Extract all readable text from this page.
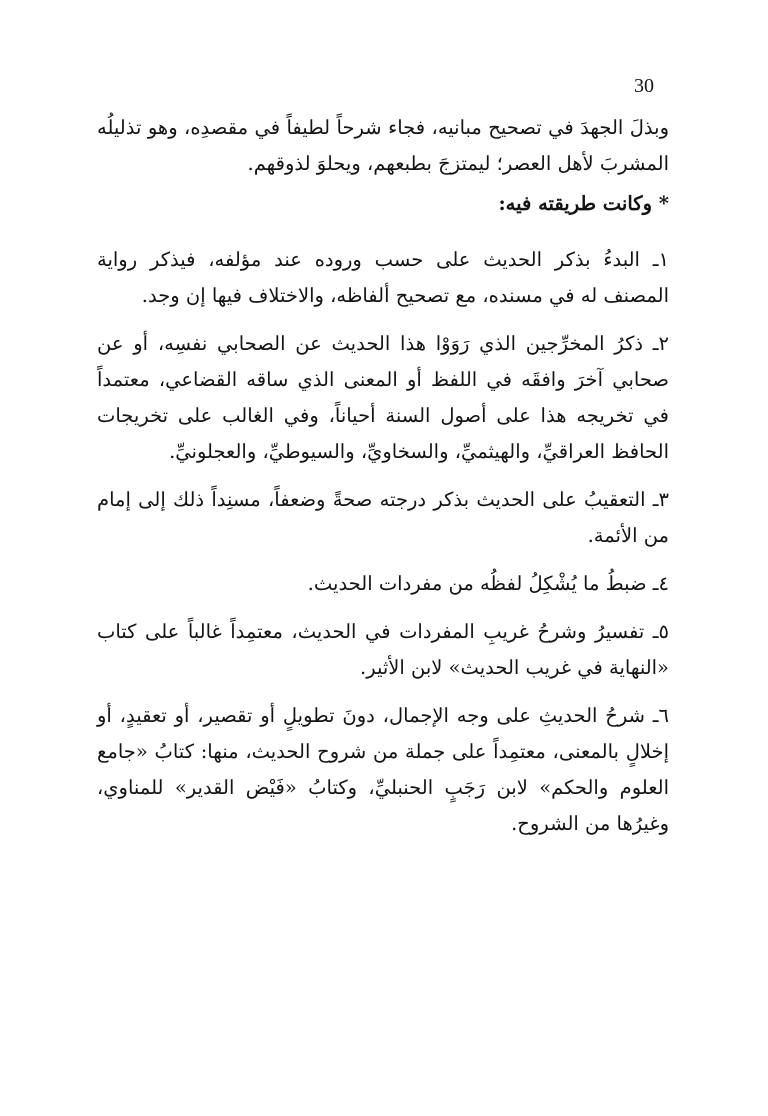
30

وبذلَ الجهدَ في تصحيح مبانيه، فجاء شرحاً لطيفاً في مقصدِه، وهو تذليلُه المشربَ لأهل العصر؛ ليمتزجَ بطبعهم، ويحلوَ لذوقهم.

* وكانت طريقته فيه:

١ـ البدءُ بذكر الحديث على حسب وروده عند مؤلفه، فيذكر رواية المصنف له في مسنده، مع تصحيح ألفاظه، والاختلاف فيها إن وجد.

٢ـ ذكرُ المخرِّجين الذي رَوَوْا هذا الحديث عن الصحابي نفسِه، أو عن صحابي آخرَ وافقَه في اللفظ أو المعنى الذي ساقه القضاعي، معتمداً في تخريجه هذا على أصول السنة أحياناً، وفي الغالب على تخريجات الحافظ العراقيِّ، والهيثميِّ، والسخاويِّ، والسيوطيِّ، والعجلونيِّ.

٣ـ التعقيبُ على الحديث بذكر درجته صحةً وضعفاً، مسنِداً ذلك إلى إمام من الأئمة.

٤ـ ضبطُ ما يُشْكِلُ لفظُه من مفردات الحديث.

٥ـ تفسيرُ وشرحُ غريبِ المفردات في الحديث، معتمِداً غالباً على كتاب «النهاية في غريب الحديث» لابن الأثير.

٦ـ شرحُ الحديثِ على وجه الإجمال، دونَ تطويلٍ أو تقصير، أو تعقيدٍ، أو إخلالٍ بالمعنى، معتمِداً على جملة من شروح الحديث، منها: كتابُ «جامع العلوم والحكم» لابن رَجَبٍ الحنبليِّ، وكتابُ «فَيْض القدير» للمناوي، وغيرُها من الشروح.
